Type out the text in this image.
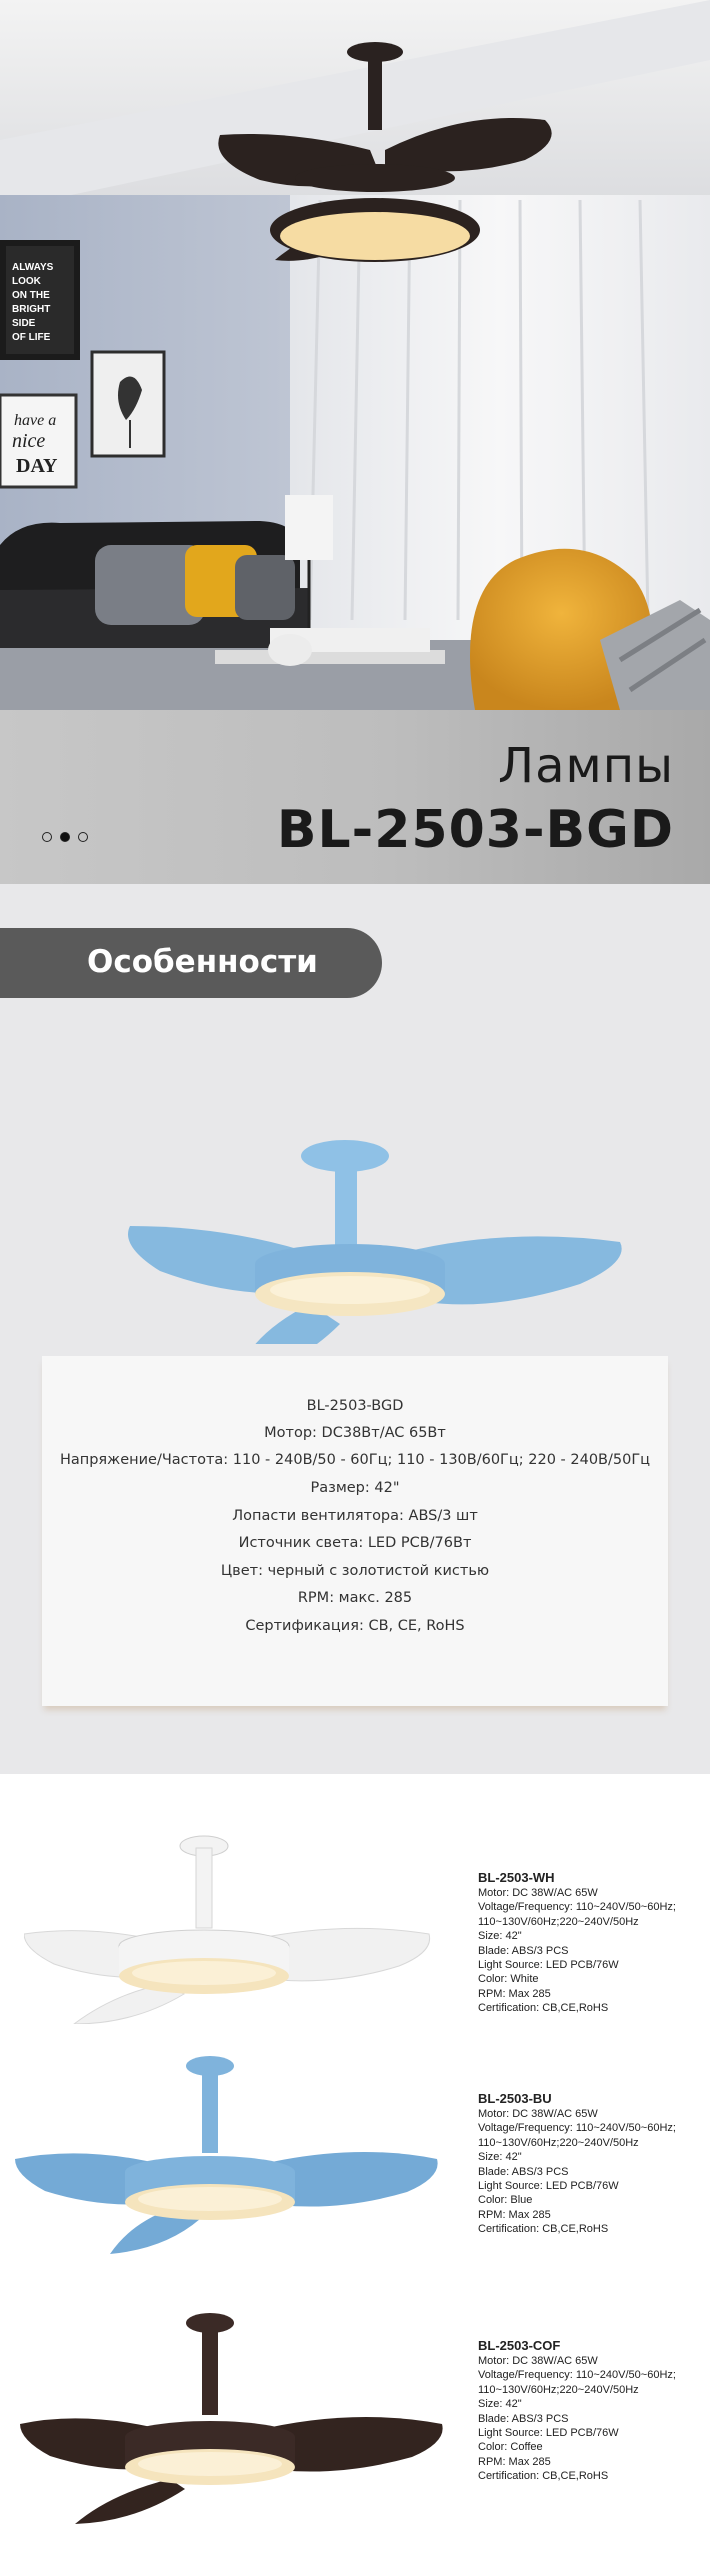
ALWAYS
LOOK
ON THE
BRIGHT
SIDE
OF LIFE
have a
nice
DAY
Лампы
BL-2503-BGD
Особенности
BL-2503-BGD
Мотор: DC38Вт/AC 65Вт
Напряжение/Частота: 110 - 240В/50 - 60Гц; 110 - 130В/60Гц; 220 - 240В/50Гц
Размер: 42"
Лопасти вентилятора: ABS/3 шт
Источник света: LED PCB/76Вт
Цвет: черный с золотистой кистью
RPM: макс. 285
Сертификация: CB, CE, RoHS
BL-2503-WH
Motor: DC 38W/AC 65W
Voltage/Frequency: 110~240V/50~60Hz;
110~130V/60Hz;220~240V/50Hz
Size: 42"
Blade: ABS/3 PCS
Light Source: LED PCB/76W
Color: White
RPM: Max 285
Certification: CB,CE,RoHS
BL-2503-BU
Motor: DC 38W/AC 65W
Voltage/Frequency: 110~240V/50~60Hz;
110~130V/60Hz;220~240V/50Hz
Size: 42"
Blade: ABS/3 PCS
Light Source: LED PCB/76W
Color: Blue
RPM: Max 285
Certification: CB,CE,RoHS
BL-2503-COF
Motor: DC 38W/AC 65W
Voltage/Frequency: 110~240V/50~60Hz;
110~130V/60Hz;220~240V/50Hz
Size: 42"
Blade: ABS/3 PCS
Light Source: LED PCB/76W
Color: Coffee
RPM: Max 285
Certification: CB,CE,RoHS
